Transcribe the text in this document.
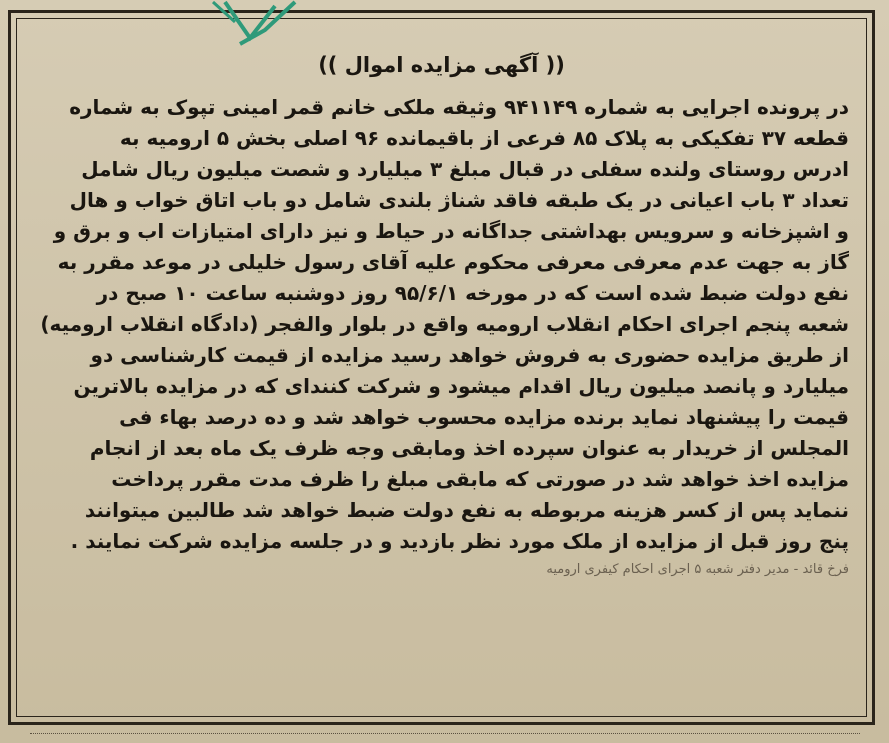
(( آگهی مزایده اموال ))
در پرونده اجرایی به شماره ۹۴۱۱۴۹ وثیقه ملکی خانم قمر امینی تپوک به شماره
قطعه ۳۷ تفکیکی به پلاک ۸۵ فرعی از باقیمانده ۹۶ اصلی بخش ۵ ارومیه به
ادرس روستای ولنده سفلی در قبال مبلغ ۳ میلیارد و شصت میلیون ریال شامل
تعداد ۳ باب اعیانی در یک طبقه فاقد شناژ بلندی شامل دو باب اتاق خواب و هال
و اشپزخانه و سرویس بهداشتی جداگانه در حیاط و نیز دارای امتیازات اب و برق و
گاز به جهت عدم معرفی معرفی محکوم علیه آقای رسول خلیلی در موعد مقرر به
نفع دولت ضبط شده است که در مورخه ۹۵/۶/۱ روز دوشنبه ساعت ۱۰ صبح در
شعبه پنجم اجرای احکام انقلاب ارومیه واقع در بلوار والفجر (دادگاه انقلاب ارومیه)
از طریق مزایده حضوری به فروش خواهد رسید مزایده از قیمت کارشناسی دو
میلیارد و پانصد میلیون ریال اقدام میشود و شرکت کنندای که در مزایده بالاترین
قیمت را پیشنهاد نماید برنده مزایده محسوب خواهد شد و ده درصد بهاء فی
المجلس از خریدار به عنوان سپرده اخذ ومابقی وجه ظرف یک ماه بعد از انجام
مزایده اخذ خواهد شد در صورتی که مابقی مبلغ را ظرف مدت مقرر پرداخت
ننماید پس از کسر هزینه مربوطه به نفع دولت ضبط خواهد شد طالبین میتوانند
پنج روز قبل از مزایده از ملک مورد نظر بازدید و در جلسه مزایده شرکت نمایند .
فرخ قائد - مدیر دفتر شعبه ۵ اجرای احکام کیفری ارومیه
